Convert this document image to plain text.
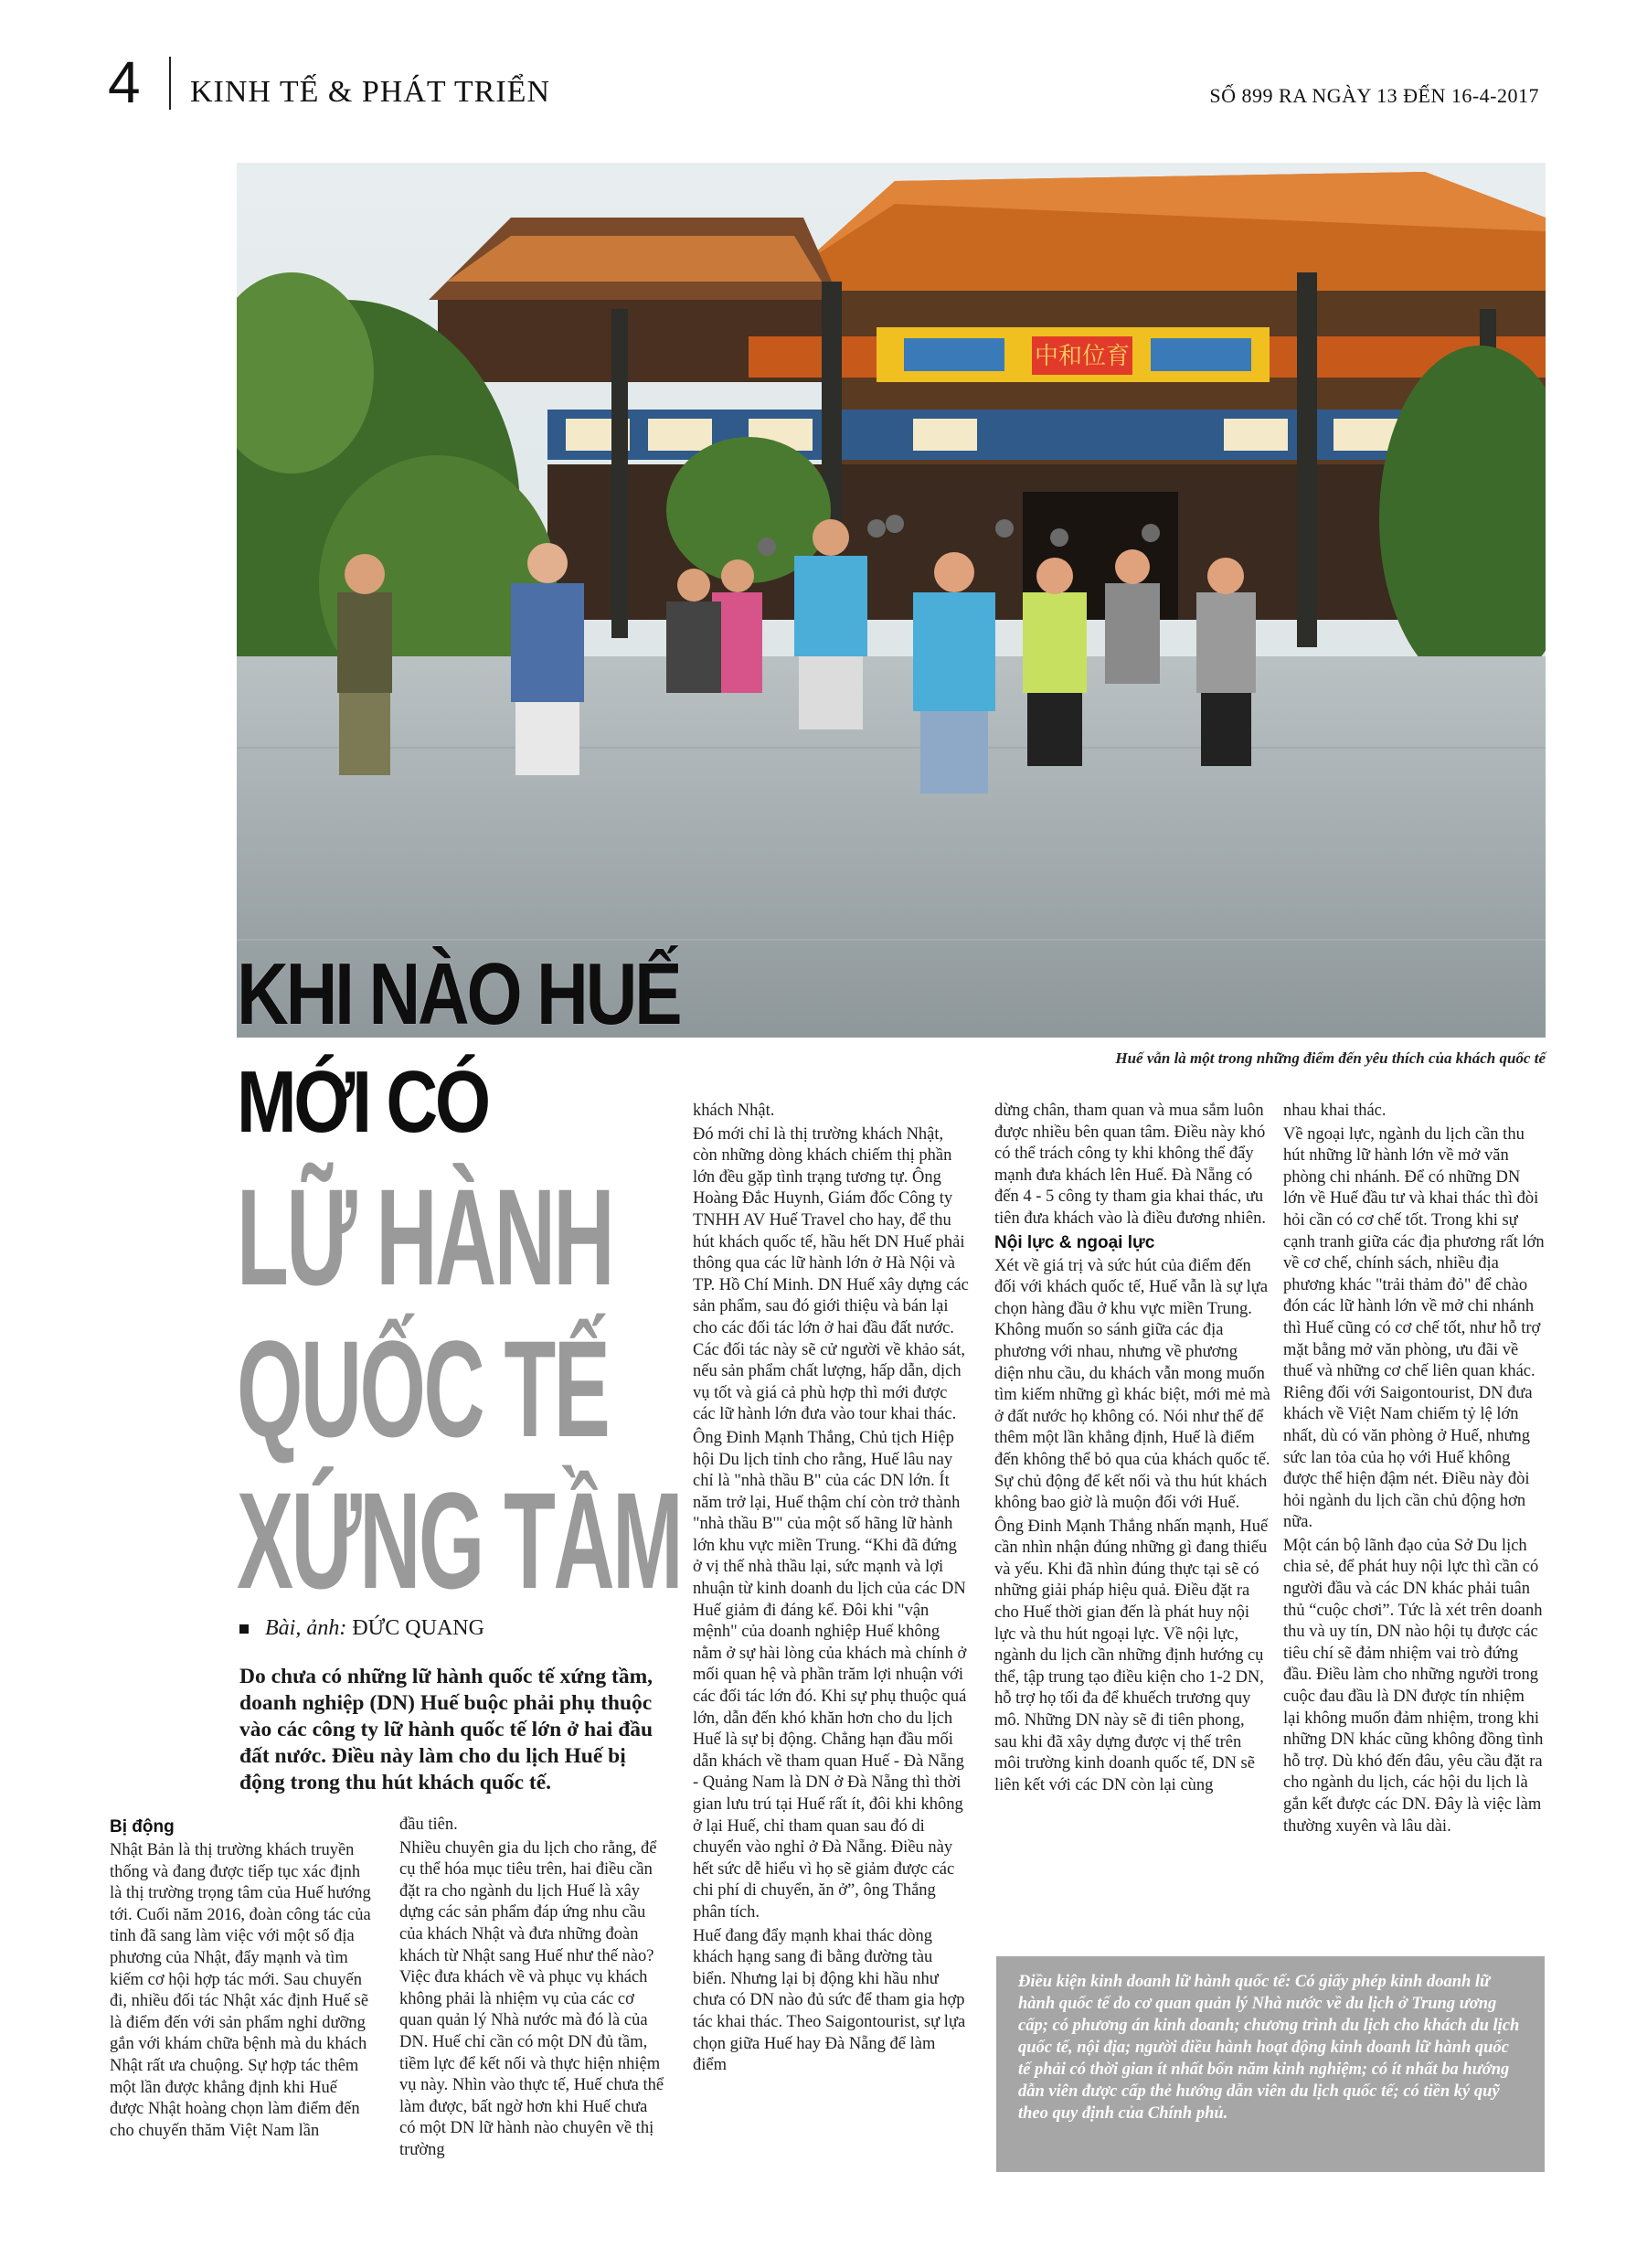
4 KINH TẾ & PHÁT TRIỂN	SỐ 899 RA NGÀY 13 ĐẾN 16-4-2017
中和位育
Huế vẫn là một trong những điểm đến yêu thích của khách quốc tế
KHI NÀO HUẾ
MỚI CÓ
LỮ HÀNH
QUỐC TẾ
XỨNG TẦM
Bài, ảnh: ĐỨC QUANG
Do chưa có những lữ hành quốc tế xứng tầm, doanh nghiệp (DN) Huế buộc phải phụ thuộc vào các công ty lữ hành quốc tế lớn ở hai đầu đất nước. Điều này làm cho du lịch Huế bị động trong thu hút khách quốc tế.
Bị động

Nhật Bản là thị trường khách truyền thống và đang được tiếp tục xác định là thị trường trọng tâm của Huế hướng tới. Cuối năm 2016, đoàn công tác của tỉnh đã sang làm việc với một số địa phương của Nhật, đẩy mạnh và tìm kiếm cơ hội hợp tác mới. Sau chuyến đi, nhiều đối tác Nhật xác định Huế sẽ là điểm đến với sản phẩm nghỉ dưỡng gắn với khám chữa bệnh mà du khách Nhật rất ưa chuộng. Sự hợp tác thêm một lần được khẳng định khi Huế được Nhật hoàng chọn làm điểm đến cho chuyến thăm Việt Nam lần

đầu tiên.

Nhiều chuyên gia du lịch cho rằng, để cụ thể hóa mục tiêu trên, hai điều cần đặt ra cho ngành du lịch Huế là xây dựng các sản phẩm đáp ứng nhu cầu của khách Nhật và đưa những đoàn khách từ Nhật sang Huế như thế nào? Việc đưa khách về và phục vụ khách không phải là nhiệm vụ của các cơ quan quản lý Nhà nước mà đó là của DN. Huế chỉ cần có một DN đủ tầm, tiềm lực để kết nối và thực hiện nhiệm vụ này. Nhìn vào thực tế, Huế chưa thể làm được, bất ngờ hơn khi Huế chưa có một DN lữ hành nào chuyên về thị trường

khách Nhật.

Đó mới chỉ là thị trường khách Nhật, còn những dòng khách chiếm thị phần lớn đều gặp tình trạng tương tự. Ông Hoàng Đắc Huynh, Giám đốc Công ty TNHH AV Huế Travel cho hay, để thu hút khách quốc tế, hầu hết DN Huế phải thông qua các lữ hành lớn ở Hà Nội và TP. Hồ Chí Minh. DN Huế xây dựng các sản phẩm, sau đó giới thiệu và bán lại cho các đối tác lớn ở hai đầu đất nước. Các đối tác này sẽ cử người về khảo sát, nếu sản phẩm chất lượng, hấp dẫn, dịch vụ tốt và giá cả phù hợp thì mới được các lữ hành lớn đưa vào tour khai thác.

Ông Đinh Mạnh Thắng, Chủ tịch Hiệp hội Du lịch tỉnh cho rằng, Huế lâu nay chỉ là "nhà thầu B" của các DN lớn. Ít năm trở lại, Huế thậm chí còn trở thành "nhà thầu B'" của một số hãng lữ hành lớn khu vực miền Trung. “Khi đã đứng ở vị thế nhà thầu lại, sức mạnh và lợi nhuận từ kinh doanh du lịch của các DN Huế giảm đi đáng kể. Đôi khi "vận mệnh" của doanh nghiệp Huế không nằm ở sự hài lòng của khách mà chính ở mối quan hệ và phần trăm lợi nhuận với các đối tác lớn đó. Khi sự phụ thuộc quá lớn, dẫn đến khó khăn hơn cho du lịch Huế là sự bị động. Chẳng hạn đầu mối dẫn khách về tham quan Huế - Đà Nẵng - Quảng Nam là DN ở Đà Nẵng thì thời gian lưu trú tại Huế rất ít, đôi khi không ở lại Huế, chỉ tham quan sau đó di chuyển vào nghỉ ở Đà Nẵng. Điều này hết sức dễ hiểu vì họ sẽ giảm được các chi phí di chuyển, ăn ở”, ông Thắng phân tích.

Huế đang đẩy mạnh khai thác dòng khách hạng sang đi bằng đường tàu biển. Nhưng lại bị động khi hầu như chưa có DN nào đủ sức để tham gia hợp tác khai thác. Theo Saigontourist, sự lựa chọn giữa Huế hay Đà Nẵng để làm điểm

dừng chân, tham quan và mua sắm luôn được nhiều bên quan tâm. Điều này khó có thể trách công ty khi không thể đẩy mạnh đưa khách lên Huế. Đà Nẵng có đến 4 - 5 công ty tham gia khai thác, ưu tiên đưa khách vào là điều đương nhiên.

Nội lực & ngoại lực

Xét về giá trị và sức hút của điểm đến đối với khách quốc tế, Huế vẫn là sự lựa chọn hàng đầu ở khu vực miền Trung. Không muốn so sánh giữa các địa phương với nhau, nhưng về phương diện nhu cầu, du khách vẫn mong muốn tìm kiếm những gì khác biệt, mới mẻ mà ở đất nước họ không có. Nói như thế để thêm một lần khẳng định, Huế là điểm đến không thể bỏ qua của khách quốc tế. Sự chủ động để kết nối và thu hút khách không bao giờ là muộn đối với Huế.

Ông Đinh Mạnh Thắng nhấn mạnh, Huế cần nhìn nhận đúng những gì đang thiếu và yếu. Khi đã nhìn đúng thực tại sẽ có những giải pháp hiệu quả. Điều đặt ra cho Huế thời gian đến là phát huy nội lực và thu hút ngoại lực. Về nội lực, ngành du lịch cần những định hướng cụ thể, tập trung tạo điều kiện cho 1-2 DN, hỗ trợ họ tối đa để khuếch trương quy mô. Những DN này sẽ đi tiên phong, sau khi đã xây dựng được vị thế trên môi trường kinh doanh quốc tế, DN sẽ liên kết với các DN còn lại cùng

nhau khai thác.

Về ngoại lực, ngành du lịch cần thu hút những lữ hành lớn về mở văn phòng chi nhánh. Để có những DN lớn về Huế đầu tư và khai thác thì đòi hỏi cần có cơ chế tốt. Trong khi sự cạnh tranh giữa các địa phương rất lớn về cơ chế, chính sách, nhiều địa phương khác "trải thảm đỏ" để chào đón các lữ hành lớn về mở chi nhánh thì Huế cũng có cơ chế tốt, như hỗ trợ mặt bằng mở văn phòng, ưu đãi về thuế và những cơ chế liên quan khác. Riêng đối với Saigontourist, DN đưa khách về Việt Nam chiếm tỷ lệ lớn nhất, dù có văn phòng ở Huế, nhưng sức lan tỏa của họ với Huế không được thể hiện đậm nét. Điều này đòi hỏi ngành du lịch cần chủ động hơn nữa.

Một cán bộ lãnh đạo của Sở Du lịch chia sẻ, để phát huy nội lực thì cần có người đầu và các DN khác phải tuân thủ “cuộc chơi”. Tức là xét trên doanh thu và uy tín, DN nào hội tụ được các tiêu chí sẽ đảm nhiệm vai trò đứng đầu. Điều làm cho những người trong cuộc đau đầu là DN được tín nhiệm lại không muốn đảm nhiệm, trong khi những DN khác cũng không đồng tình hỗ trợ. Dù khó đến đâu, yêu cầu đặt ra cho ngành du lịch, các hội du lịch là gắn kết được các DN. Đây là việc làm thường xuyên và lâu dài.

Điều kiện kinh doanh lữ hành quốc tế: Có giấy phép kinh doanh lữ hành quốc tế do cơ quan quản lý Nhà nước về du lịch ở Trung ương cấp; có phương án kinh doanh; chương trình du lịch cho khách du lịch quốc tế, nội địa; người điều hành hoạt động kinh doanh lữ hành quốc tế phải có thời gian ít nhất bốn năm kinh nghiệm; có ít nhất ba hướng dẫn viên được cấp thẻ hướng dẫn viên du lịch quốc tế; có tiền ký quỹ theo quy định của Chính phủ.
